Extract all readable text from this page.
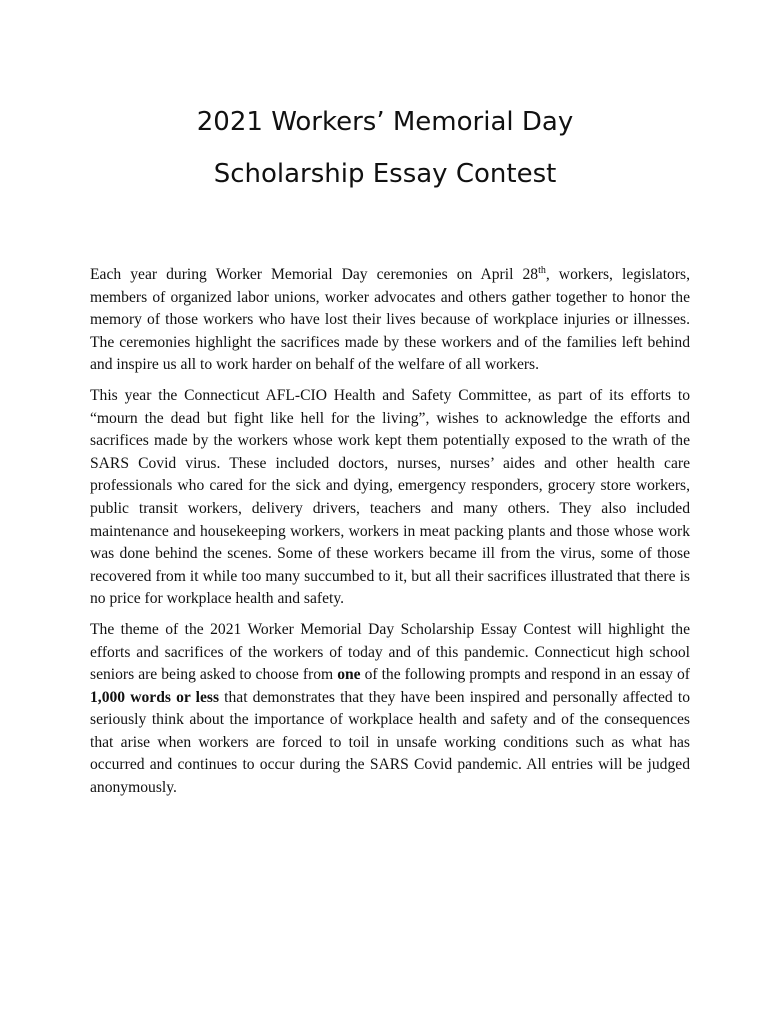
2021 Workers’ Memorial Day
Scholarship Essay Contest

Each year during Worker Memorial Day ceremonies on April 28th, workers, legislators, members of organized labor unions, worker advocates and others gather together to honor the memory of those workers who have lost their lives because of workplace injuries or illnesses. The ceremonies highlight the sacrifices made by these workers and of the families left behind and inspire us all to work harder on behalf of the welfare of all workers.

This year the Connecticut AFL-CIO Health and Safety Committee, as part of its efforts to “mourn the dead but fight like hell for the living”, wishes to acknowledge the efforts and sacrifices made by the workers whose work kept them potentially exposed to the wrath of the SARS Covid virus. These included doctors, nurses, nurses’ aides and other health care professionals who cared for the sick and dying, emergency responders, grocery store workers, public transit workers, delivery drivers, teachers and many others. They also included maintenance and housekeeping workers, workers in meat packing plants and those whose work was done behind the scenes. Some of these workers became ill from the virus, some of those recovered from it while too many succumbed to it, but all their sacrifices illustrated that there is no price for workplace health and safety.

The theme of the 2021 Worker Memorial Day Scholarship Essay Contest will highlight the efforts and sacrifices of the workers of today and of this pandemic. Connecticut high school seniors are being asked to choose from one of the following prompts and respond in an essay of 1,000 words or less that demonstrates that they have been inspired and personally affected to seriously think about the importance of workplace health and safety and of the consequences that arise when workers are forced to toil in unsafe working conditions such as what has occurred and continues to occur during the SARS Covid pandemic. All entries will be judged anonymously.
